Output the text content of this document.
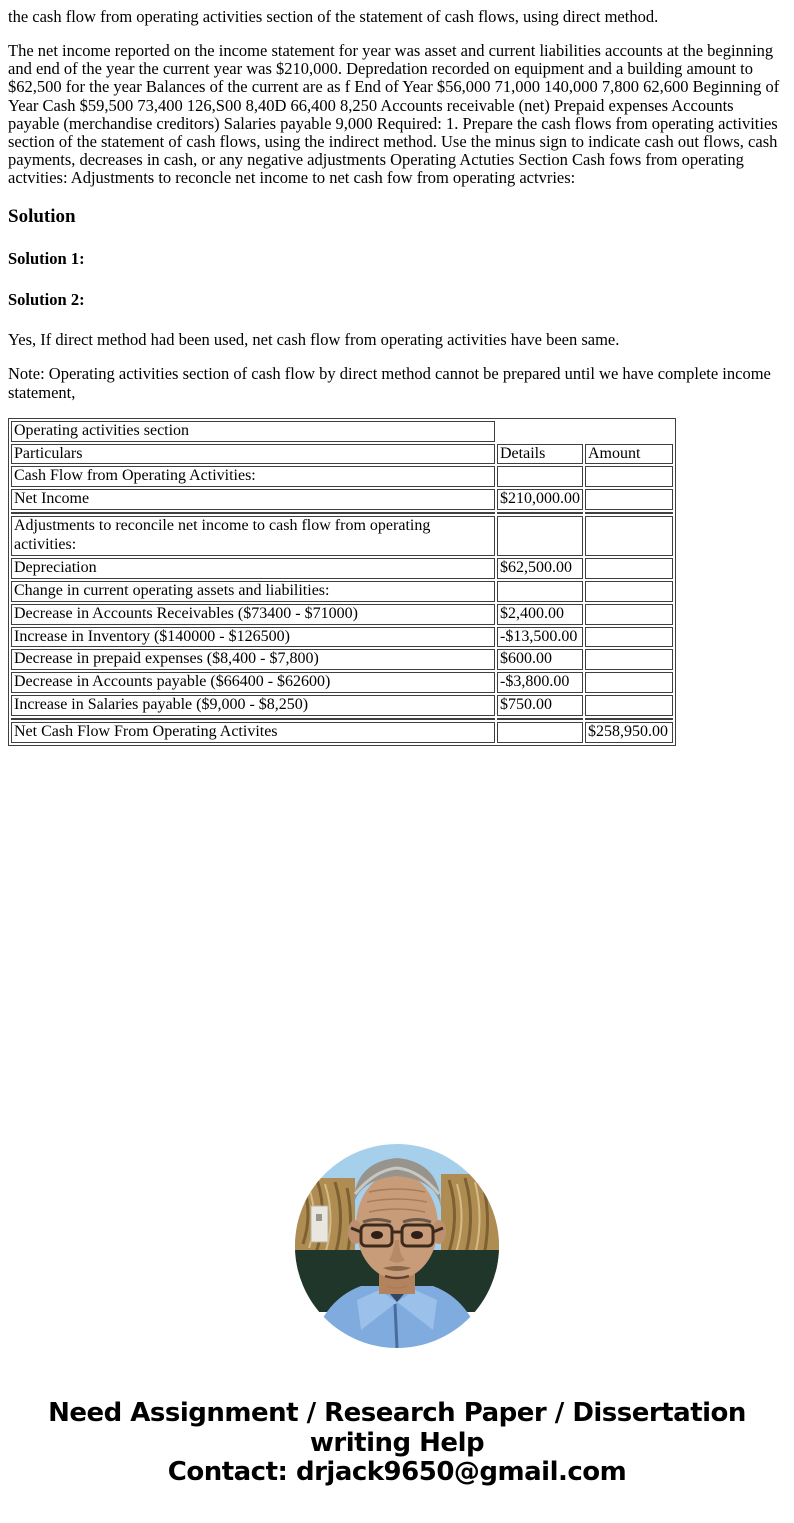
the cash flow from operating activities section of the statement of cash flows, using direct method.

The net income reported on the income statement for year was asset and current liabilities accounts at the beginning and end of the year the current year was $210,000. Depredation recorded on equipment and a building amount to $62,500 for the year Balances of the current are as f End of Year $56,000 71,000 140,000 7,800 62,600 Beginning of Year Cash $59,500 73,400 126,S00 8,40D 66,400 8,250 Accounts receivable (net) Prepaid expenses Accounts payable (merchandise creditors) Salaries payable 9,000 Required: 1. Prepare the cash flows from operating activities section of the statement of cash flows, using the indirect method. Use the minus sign to indicate cash out flows, cash payments, decreases in cash, or any negative adjustments Operating Actuties Section Cash fows from operating actvities: Adjustments to reconcle net income to net cash fow from operating actvries:

Solution
Solution 1:
Solution 2:

Yes, If direct method had been used, net cash flow from operating activities have been same.

Note: Operating activities section of cash flow by direct method cannot be prepared until we have complete income statement,

Operating activities section		
Particulars	Details	Amount
Cash Flow from Operating Activities:		
Net Income	$210,000.00	

Adjustments to reconcile net income to cash flow from operating activities:		
Depreciation	$62,500.00	
Change in current operating assets and liabilities:		
Decrease in Accounts Receivables ($73400 - $71000)	$2,400.00	
Increase in Inventory ($140000 - $126500)	-$13,500.00	
Decrease in prepaid expenses ($8,400 - $7,800)	$600.00	
Decrease in Accounts payable ($66400 - $62600)	-$3,800.00	
Increase in Salaries payable ($9,000 - $8,250)	$750.00	

Net Cash Flow From Operating Activites		$258,950.00
Need Assignment / Research Paper / Dissertation writing Help
Contact: drjack9650@gmail.com
